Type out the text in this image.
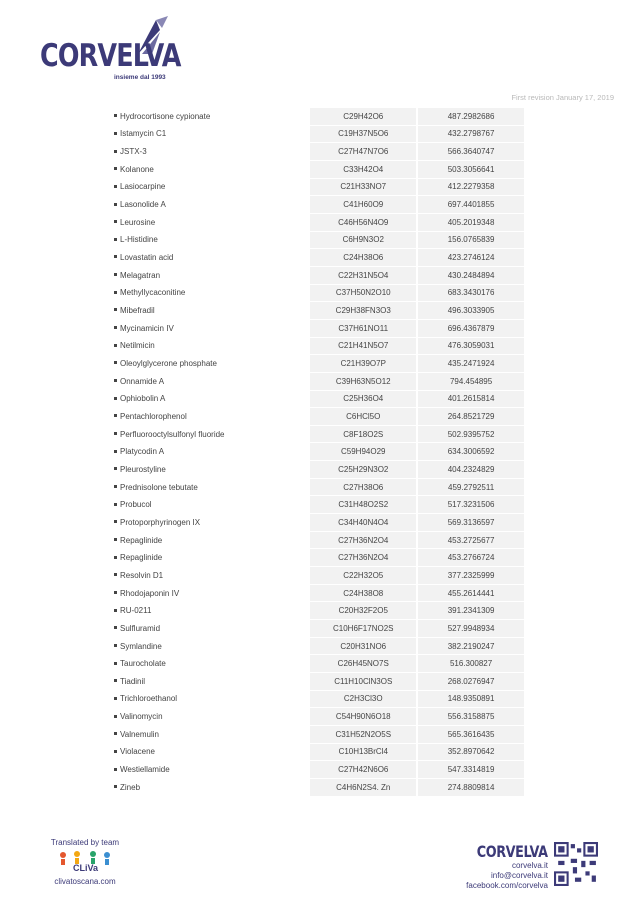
CORVELVA
insieme dal 1993
First revision January 17, 2019
Hydrocortisone cypionate	C29H42O6	487.2982686
Istamycin C1	C19H37N5O6	432.2798767
JSTX-3	C27H47N7O6	566.3640747
Kolanone	C33H42O4	503.3056641
Lasiocarpine	C21H33NO7	412.2279358
Lasonolide A	C41H60O9	697.4401855
Leurosine	C46H56N4O9	405.2019348
L-Histidine	C6H9N3O2	156.0765839
Lovastatin acid	C24H38O6	423.2746124
Melagatran	C22H31N5O4	430.2484894
Methyllycaconitine	C37H50N2O10	683.3430176
Mibefradil	C29H38FN3O3	496.3033905
Mycinamicin IV	C37H61NO11	696.4367879
Netilmicin	C21H41N5O7	476.3059031
Oleoylglycerone phosphate	C21H39O7P	435.2471924
Onnamide A	C39H63N5O12	794.454895
Ophiobolin A	C25H36O4	401.2615814
Pentachlorophenol	C6HCl5O	264.8521729
Perfluorooctylsulfonyl fluoride	C8F18O2S	502.9395752
Platycodin A	C59H94O29	634.3006592
Pleurostyline	C25H29N3O2	404.2324829
Prednisolone tebutate	C27H38O6	459.2792511
Probucol	C31H48O2S2	517.3231506
Protoporphyrinogen IX	C34H40N4O4	569.3136597
Repaglinide	C27H36N2O4	453.2725677
Repaglinide	C27H36N2O4	453.2766724
Resolvin D1	C22H32O5	377.2325999
Rhodojaponin IV	C24H38O8	455.2614441
RU-0211	C20H32F2O5	391.2341309
Sulfluramid	C10H6F17NO2S	527.9948934
Symlandine	C20H31NO6	382.2190247
Taurocholate	C26H45NO7S	516.300827
Tiadinil	C11H10ClN3OS	268.0276947
Trichloroethanol	C2H3Cl3O	148.9350891
Valinomycin	C54H90N6O18	556.3158875
Valnemulin	C31H52N2O5S	565.3616435
Violacene	C10H13BrCl4	352.8970642
Westiellamide	C27H42N6O6	547.3314819
Zineb	C4H6N2S4. Zn	274.8809814
Translated by team
CLiVa
clivatoscana.com
CORVELVA
corvelva.it
info@corvelva.it
facebook.com/corvelva
